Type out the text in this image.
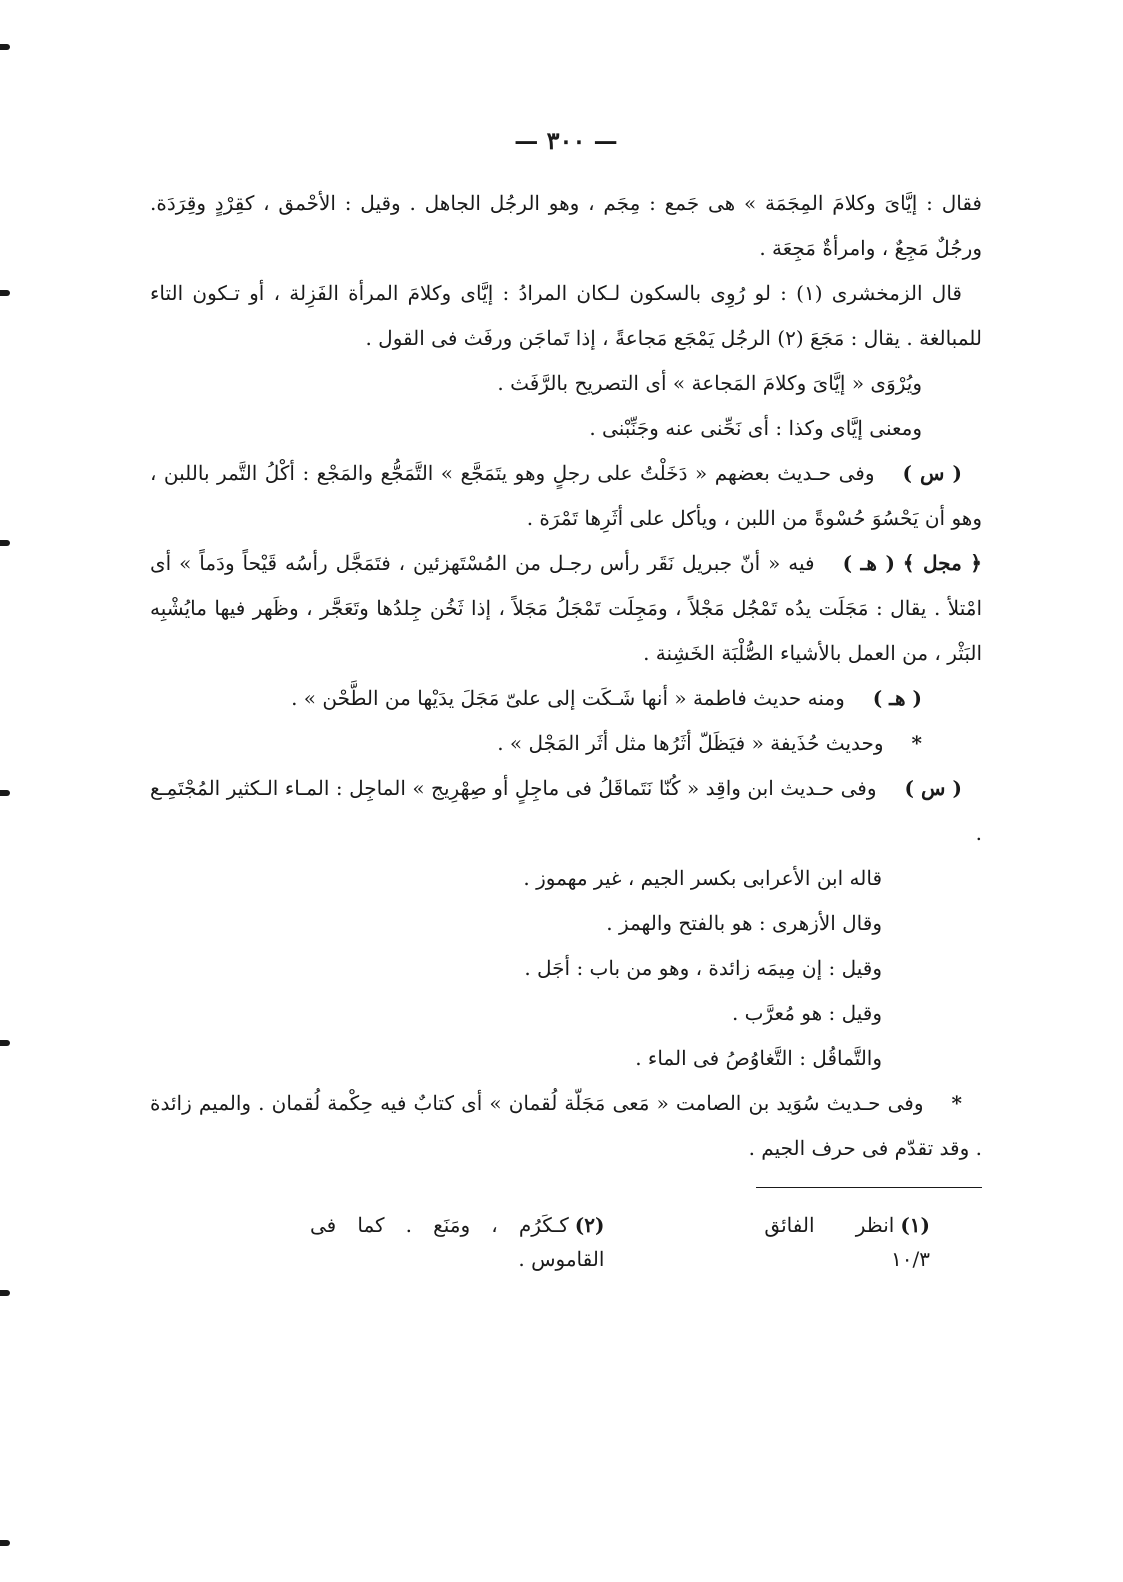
— ٣٠٠ —

فقال : إيَّاىَ وكلامَ المِجَمَة » هى جَمع : مِجَم ، وهو الرجُل الجاهل . وقيل : الأحْمق ، كقِرْدٍ وقِرَدَة. ورجُلٌ مَجِعٌ ، وامرأةٌ مَجِعَة .

قال الزمخشرى (١) : لو رُوِى بالسكون لـكان المرادُ : إيَّاى وكلامَ المرأة الفَزِلة ، أو تـكون التاء للمبالغة . يقال : مَجَعَ (٢) الرجُل يَمْجَع مَجاعةً ، إذا تَماجَن ورفَث فى القول .

ويُرْوَى « إيَّاىَ وكلامَ المَجاعة » أى التصريح بالرَّفَث .

ومعنى إيَّاى وكذا : أى نَحِّنى عنه وجَنِّبْنى .

( س )وفى حـديث بعضهم « دَخَلْتُ على رجلٍ وهو يتَمَجَّع » التَّمَجُّع والمَجْع : أكْلُ التَّمر باللبن ، وهو أن يَحْسُوَ حُسْوةً من اللبن ، ويأكل على أثَرِها تَمْرَة .

﴿ مجل ﴾ ( هـ )فيه « أنّ جبريل نَقَر رأس رجـل من المُسْتَهزئين ، فتَمَجَّل رأسُه قَيْحاً ودَماً » أى امْتلأ . يقال : مَجَلَت يدُه تَمْجُل مَجْلاً ، ومَجِلَت تَمْجَلُ مَجَلاً ، إذا ثَخُن جِلدُها وتَعَجَّر ، وظَهر فيها مايُشْبِه البَثْر ، من العمل بالأشياء الصُّلْبَة الخَشِنة .

( هـ )ومنه حديث فاطمة « أنها شَـكَت إلى علىّ مَجَلَ يدَيْها من الطَّحْن » .

*وحديث حُذَيفة « فيَظَلّ أثَرُها مثل أثَر المَجْل » .

( س )وفى حـديث ابن واقِد « كُنّا نَتَماقَلُ فى ماجِلٍ أو صِهْرِيج » الماجِل : المـاء الـكثير المُجْتَمِـع .

قاله ابن الأعرابى بكسر الجيم ، غير مهموز .

وقال الأزهرى : هو بالفتح والهمز .

وقيل : إن مِيمَه زائدة ، وهو من باب : أجَل .

وقيل : هو مُعرَّب .

والتَّماقُل : التَّغاوُصُ فى الماء .

*وفى حـديث سُوَيد بن الصامت « مَعى مَجَلّة لُقمان » أى كتابٌ فيه حِكْمة لُقمان . والميم زائدة . وقد تقدّم فى حرف الجيم .

(١)انظر الفائق ١٠/٣
(٢)كـكَرُم ، ومَنَع . كما فى القاموس .
